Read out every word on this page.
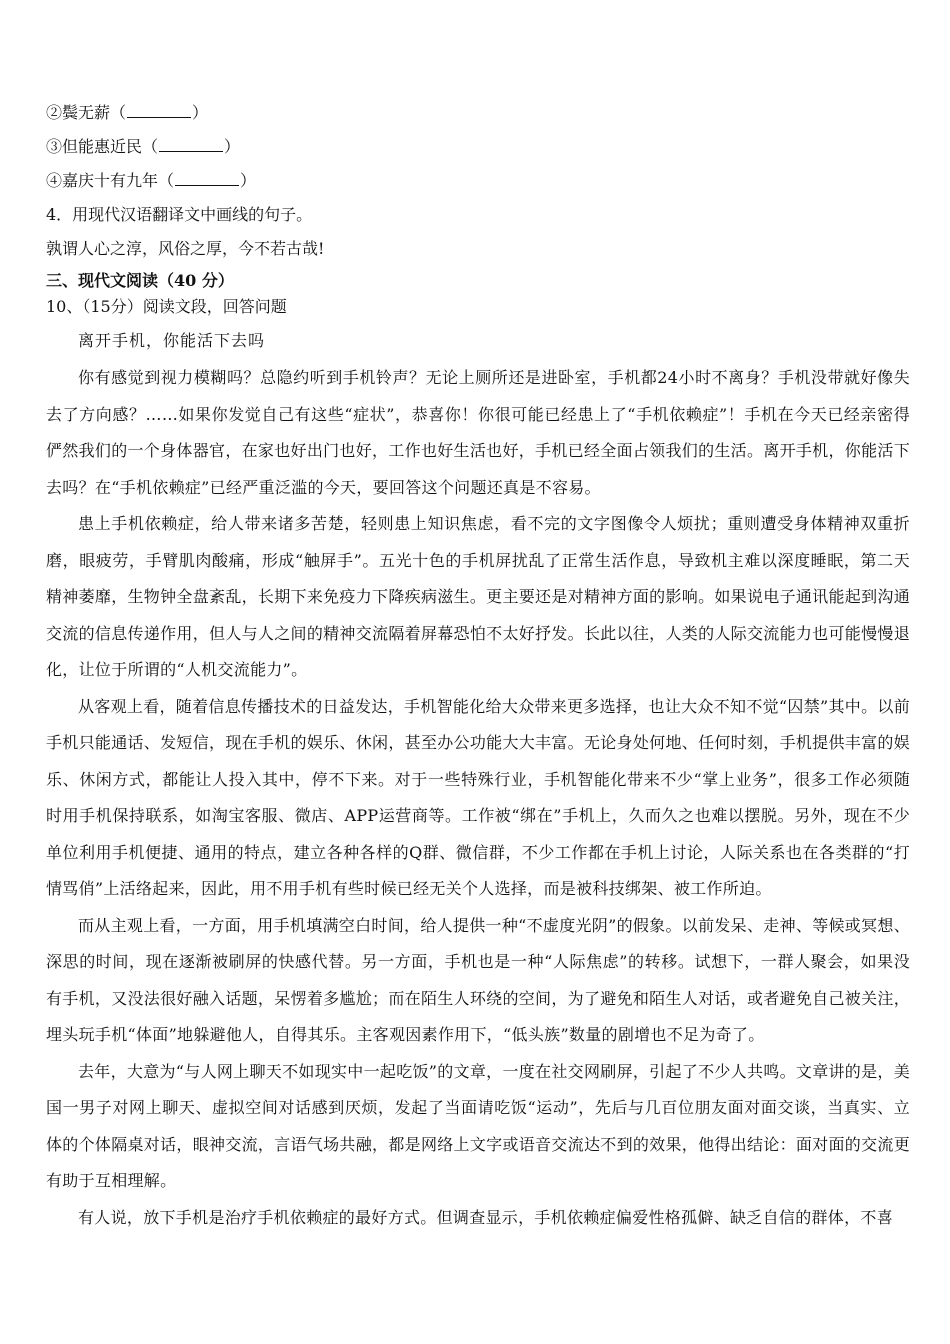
②鬓无薪（	）

③但能惠近民（	）

④嘉庆十有九年（	）

4．用现代汉语翻译文中画线的句子。

孰谓人心之淳，风俗之厚，今不若古哉!

三、现代文阅读（40 分）

10、（15分）阅读文段，回答问题

离开手机，你能活下去吗

你有感觉到视力模糊吗？总隐约听到手机铃声？无论上厕所还是进卧室，手机都24小时不离身？手机没带就好像失去了方向感？……如果你发觉自己有这些“症状”，恭喜你！你很可能已经患上了“手机依赖症”！手机在今天已经亲密得俨然我们的一个身体器官，在家也好出门也好，工作也好生活也好，手机已经全面占领我们的生活。离开手机，你能活下去吗？在“手机依赖症”已经严重泛滥的今天，要回答这个问题还真是不容易。

患上手机依赖症，给人带来诸多苦楚，轻则患上知识焦虑，看不完的文字图像令人烦扰；重则遭受身体精神双重折磨，眼疲劳，手臂肌肉酸痛，形成“触屏手”。五光十色的手机屏扰乱了正常生活作息，导致机主难以深度睡眠，第二天精神萎靡，生物钟全盘紊乱，长期下来免疫力下降疾病滋生。更主要还是对精神方面的影响。如果说电子通讯能起到沟通交流的信息传递作用，但人与人之间的精神交流隔着屏幕恐怕不太好抒发。长此以往，人类的人际交流能力也可能慢慢退化，让位于所谓的“人机交流能力”。

从客观上看，随着信息传播技术的日益发达，手机智能化给大众带来更多选择，也让大众不知不觉“囚禁”其中。以前手机只能通话、发短信，现在手机的娱乐、休闲，甚至办公功能大大丰富。无论身处何地、任何时刻，手机提供丰富的娱乐、休闲方式，都能让人投入其中，停不下来。对于一些特殊行业，手机智能化带来不少“掌上业务”，很多工作必须随时用手机保持联系，如淘宝客服、微店、APP运营商等。工作被“绑在”手机上，久而久之也难以摆脱。另外，现在不少单位利用手机便捷、通用的特点，建立各种各样的Q群、微信群，不少工作都在手机上讨论，人际关系也在各类群的“打情骂俏”上活络起来，因此，用不用手机有些时候已经无关个人选择，而是被科技绑架、被工作所迫。

而从主观上看，一方面，用手机填满空白时间，给人提供一种“不虚度光阴”的假象。以前发呆、走神、等候或冥想、深思的时间，现在逐渐被刷屏的快感代替。另一方面，手机也是一种“人际焦虑”的转移。试想下，一群人聚会，如果没有手机，又没法很好融入话题，呆愣着多尴尬；而在陌生人环绕的空间，为了避免和陌生人对话，或者避免自己被关注，埋头玩手机“体面”地躲避他人，自得其乐。主客观因素作用下，“低头族”数量的剧增也不足为奇了。

去年，大意为“与人网上聊天不如现实中一起吃饭”的文章，一度在社交网刷屏，引起了不少人共鸣。文章讲的是，美国一男子对网上聊天、虚拟空间对话感到厌烦，发起了当面请吃饭“运动”，先后与几百位朋友面对面交谈，当真实、立体的个体隔桌对话，眼神交流，言语气场共融，都是网络上文字或语音交流达不到的效果，他得出结论：面对面的交流更有助于互相理解。

有人说，放下手机是治疗手机依赖症的最好方式。但调查显示，手机依赖症偏爱性格孤僻、缺乏自信的群体，不喜
